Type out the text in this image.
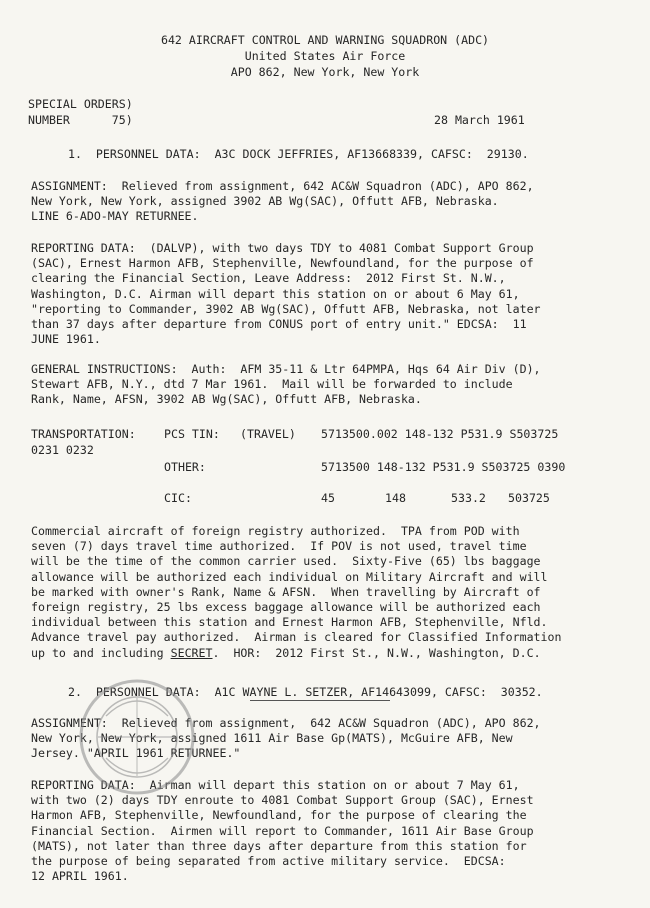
642 AIRCRAFT CONTROL AND WARNING SQUADRON (ADC)
United States Air Force
APO 862, New York, New York
SPECIAL ORDERS)
NUMBER      75)	28 March 1961
1.  PERSONNEL DATA:  A3C DOCK JEFFRIES, AF13668339, CAFSC:  29130.
ASSIGNMENT:  Relieved from assignment, 642 AC&W Squadron (ADC), APO 862,
New York, New York, assigned 3902 AB Wg(SAC), Offutt AFB, Nebraska.
LINE 6-ADO-MAY RETURNEE.
REPORTING DATA:  (DALVP), with two days TDY to 4081 Combat Support Group
(SAC), Ernest Harmon AFB, Stephenville, Newfoundland, for the purpose of
clearing the Financial Section, Leave Address:  2012 First St. N.W.,
Washington, D.C. Airman will depart this station on or about 6 May 61,
"reporting to Commander, 3902 AB Wg(SAC), Offutt AFB, Nebraska, not later
than 37 days after departure from CONUS port of entry unit." EDCSA:  11
JUNE 1961.
GENERAL INSTRUCTIONS:  Auth:  AFM 35-11 & Ltr 64PMPA, Hqs 64 Air Div (D),
Stewart AFB, N.Y., dtd 7 Mar 1961.  Mail will be forwarded to include
Rank, Name, AFSN, 3902 AB Wg(SAC), Offutt AFB, Nebraska.
TRANSPORTATION: PCS TIN: (TRAVEL) 5713500.002 148-132 P531.9 S503725
0231 0232
OTHER:	5713500 148-132 P531.9 S503725 0390
CIC:	45	148	533.2 503725
Commercial aircraft of foreign registry authorized.  TPA from POD with
seven (7) days travel time authorized.  If POV is not used, travel time
will be the time of the common carrier used.  Sixty-Five (65) lbs baggage
allowance will be authorized each individual on Military Aircraft and will
be marked with owner's Rank, Name & AFSN.  When travelling by Aircraft of
foreign registry, 25 lbs excess baggage allowance will be authorized each
individual between this station and Ernest Harmon AFB, Stephenville, Nfld.
Advance travel pay authorized.  Airman is cleared for Classified Information
up to and including SECRET.  HOR:  2012 First St., N.W., Washington, D.C.
2.  PERSONNEL DATA:  A1C WAYNE L. SETZER, AF14643099, CAFSC:  30352.
ASSIGNMENT:  Relieved from assignment,  642 AC&W Squadron (ADC), APO 862,
New York, New York, assigned 1611 Air Base Gp(MATS), McGuire AFB, New
Jersey. "APRIL 1961 RETURNEE."
REPORTING DATA:  Airman will depart this station on or about 7 May 61,
with two (2) days TDY enroute to 4081 Combat Support Group (SAC), Ernest
Harmon AFB, Stephenville, Newfoundland, for the purpose of clearing the
Financial Section.  Airmen will report to Commander, 1611 Air Base Group
(MATS), not later than three days after departure from this station for
the purpose of being separated from active military service.  EDCSA:
12 APRIL 1961.
